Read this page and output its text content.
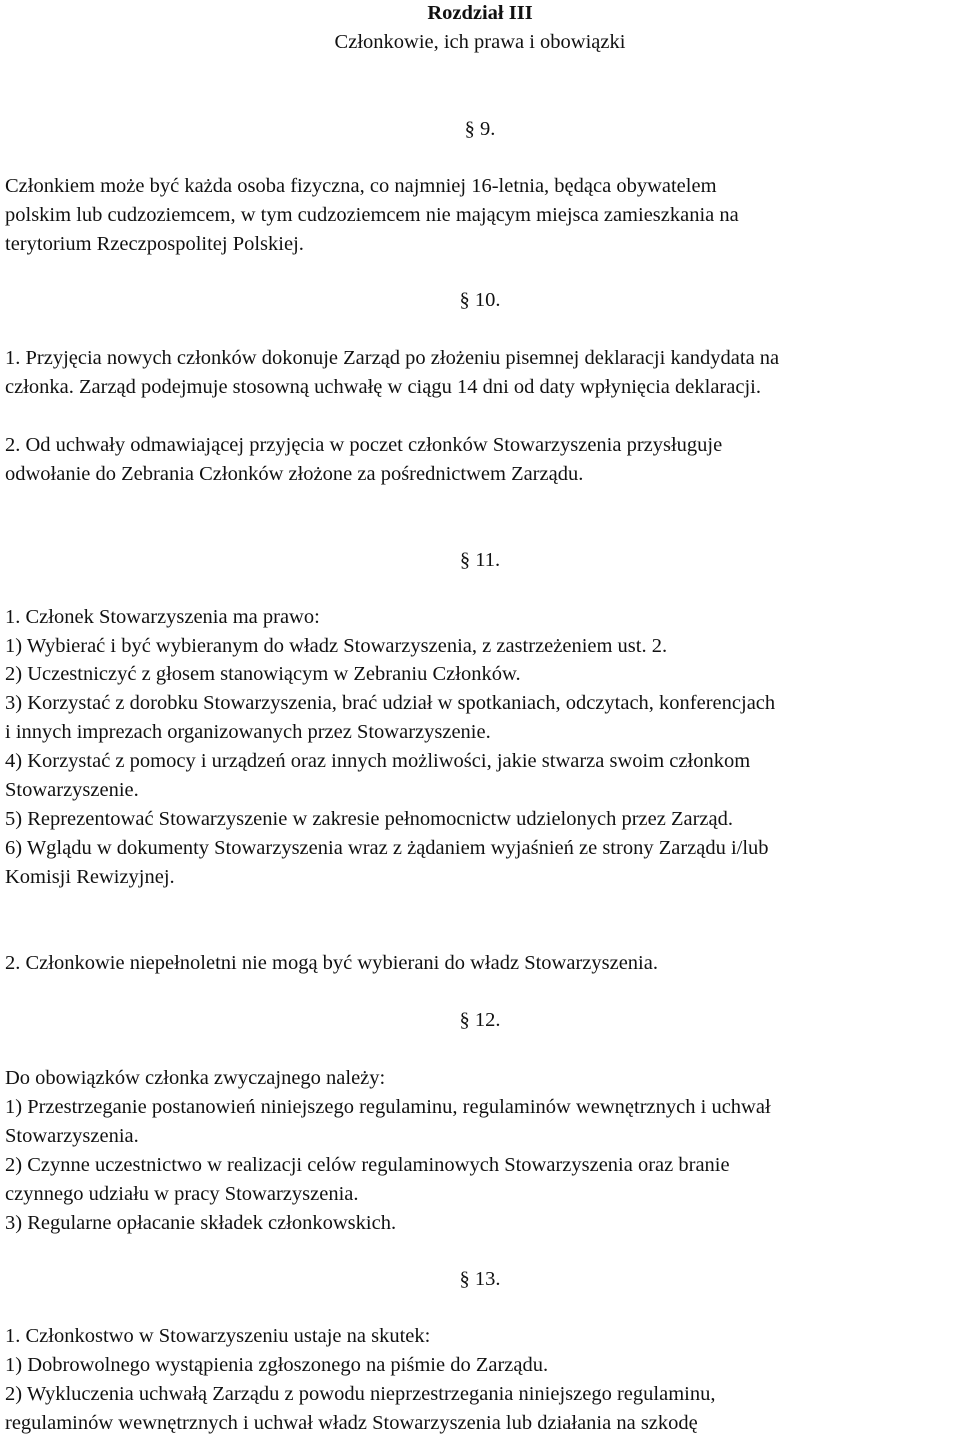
Rozdział III
Członkowie, ich prawa i obowiązki
§ 9.
Członkiem może być każda osoba fizyczna, co najmniej 16-letnia, będąca obywatelem
polskim lub cudzoziemcem, w tym cudzoziemcem nie mającym miejsca zamieszkania na
terytorium Rzeczpospolitej Polskiej.
§ 10.
1. Przyjęcia nowych członków dokonuje Zarząd po złożeniu pisemnej deklaracji kandydata na
członka. Zarząd podejmuje stosowną uchwałę w ciągu 14 dni od daty wpłynięcia deklaracji.
2. Od uchwały odmawiającej przyjęcia w poczet członków Stowarzyszenia przysługuje
odwołanie do Zebrania Członków złożone za pośrednictwem Zarządu.
§ 11.
1. Członek Stowarzyszenia ma prawo:
1) Wybierać i być wybieranym do władz Stowarzyszenia, z zastrzeżeniem ust. 2.
2) Uczestniczyć z głosem stanowiącym w Zebraniu Członków.
3) Korzystać z dorobku Stowarzyszenia, brać udział w spotkaniach, odczytach, konferencjach
i innych imprezach organizowanych przez Stowarzyszenie.
4) Korzystać z pomocy i urządzeń oraz innych możliwości, jakie stwarza swoim członkom
Stowarzyszenie.
5) Reprezentować Stowarzyszenie w zakresie pełnomocnictw udzielonych przez Zarząd.
6) Wglądu w dokumenty Stowarzyszenia wraz z żądaniem wyjaśnień ze strony Zarządu i/lub
Komisji Rewizyjnej.
2. Członkowie niepełnoletni nie mogą być wybierani do władz Stowarzyszenia.
§ 12.
Do obowiązków członka zwyczajnego należy:
1) Przestrzeganie postanowień niniejszego regulaminu, regulaminów wewnętrznych i uchwał
Stowarzyszenia.
2) Czynne uczestnictwo w realizacji celów regulaminowych Stowarzyszenia oraz branie
czynnego udziału w pracy Stowarzyszenia.
3) Regularne opłacanie składek członkowskich.
§ 13.
1. Członkostwo w Stowarzyszeniu ustaje na skutek:
1) Dobrowolnego wystąpienia zgłoszonego na piśmie do Zarządu.
2) Wykluczenia uchwałą Zarządu z powodu nieprzestrzegania niniejszego regulaminu,
regulaminów wewnętrznych i uchwał władz Stowarzyszenia lub działania na szkodę
